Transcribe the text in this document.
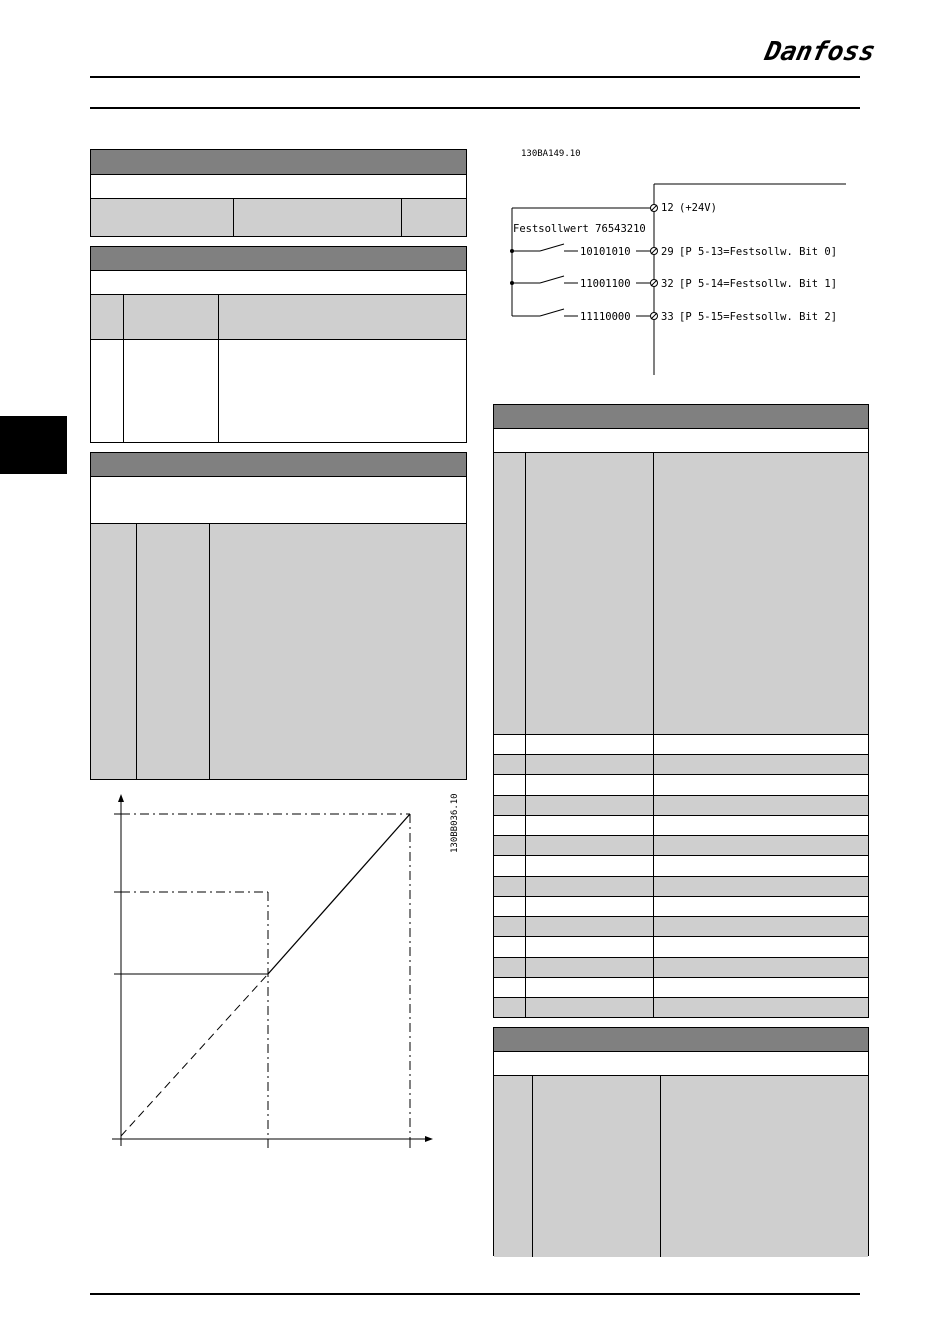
Danfoss
130BB036.10
130BA149.10
Festsollwert 76543210
12 (+24V)
10101010	29 [P 5-13=Festsollw. Bit 0]
11001100	32 [P 5-14=Festsollw. Bit 1]
11110000	33 [P 5-15=Festsollw. Bit 2]
